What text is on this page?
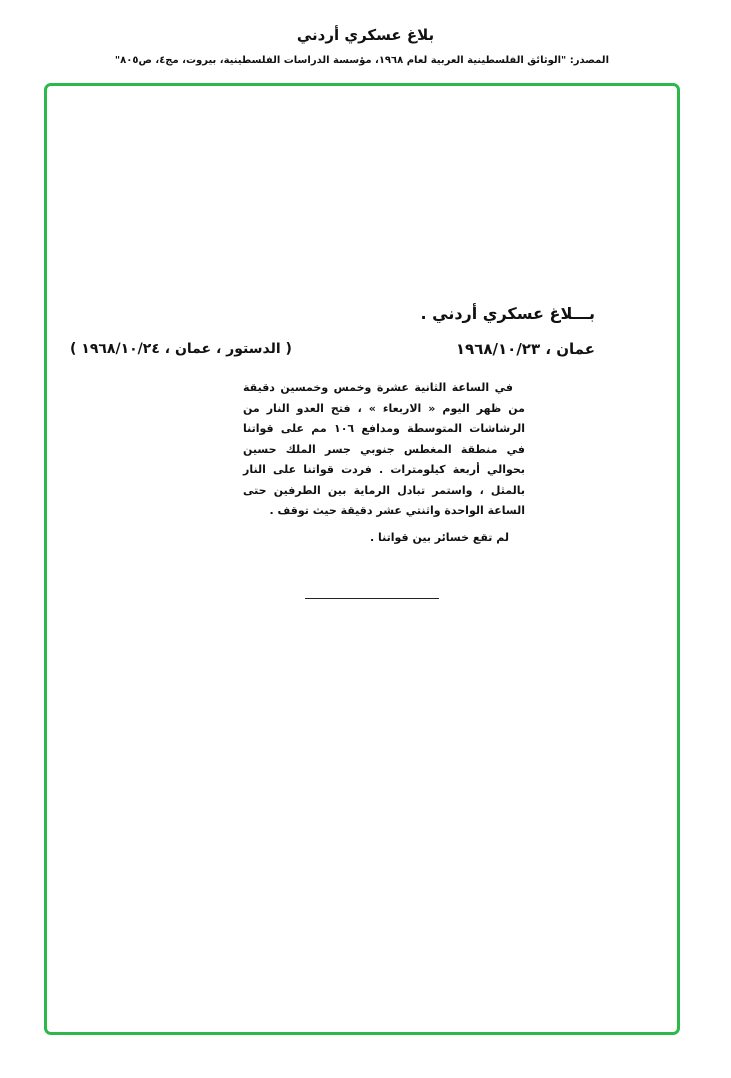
بلاغ عسكري أردني
المصدر: "الوثائق الفلسطينية العربية لعام ١٩٦٨، مؤسسة الدراسات الفلسطينية، بيروت، مج٤، ص٨٠٥"
بـــلاغ عسكري أردني .
عمان ، ١٩٦٨/١٠/٢٣
( الدستور ، عمان ، ١٩٦٨/١٠/٢٤ )

في الساعة الثانية عشرة وخمس وخمسين دقيقة من ظهر اليوم « الاربعاء » ، فتح العدو النار من الرشاشات المتوسطة ومدافع ١٠٦ مم على قواتنا في منطقة المغطس جنوبي جسر الملك حسين بحوالي أربعة كيلومترات . فردت قواتنا على النار بالمثل ، واستمر تبادل الرماية بين الطرفين حتى الساعة الواحدة واثنتي عشر دقيقة حيث توقف .

لم تقع خسائر بين قواتنا .
